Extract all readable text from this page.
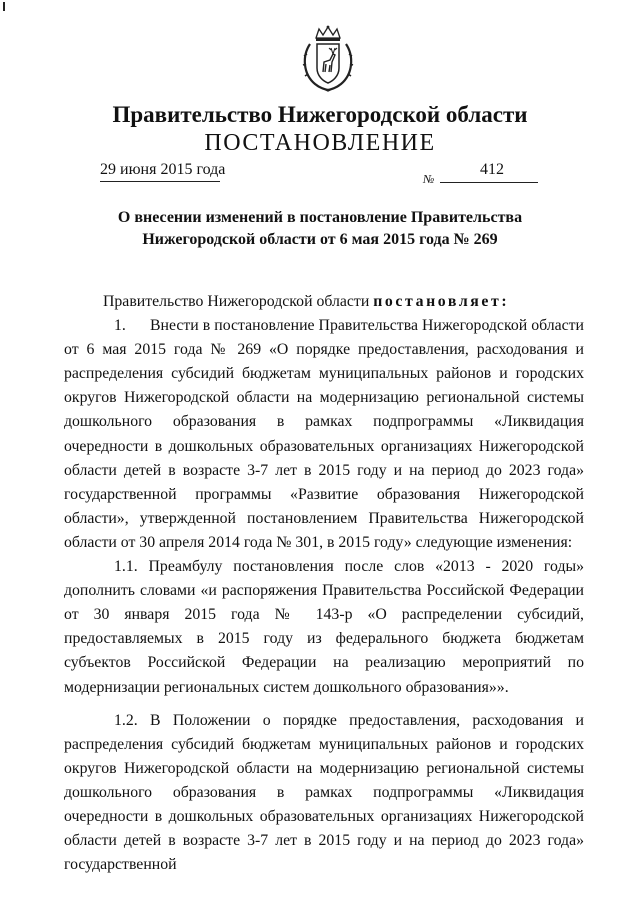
Правительство Нижегородской области
ПОСТАНОВЛЕНИЕ
29 июня 2015 года
№
412
О внесении изменений в постановление Правительства
Нижегородской области от 6 мая 2015 года № 269

Правительство Нижегородской области постановляет:

1.      Внести в постановление Правительства Нижегородской области от 6 мая 2015 года № 269 «О порядке предоставления, расходования и распределения субсидий бюджетам муниципальных районов и городских округов Нижегородской области на модернизацию региональной системы дошкольного образования в рамках подпрограммы «Ликвидация очередности в дошкольных образовательных организациях Нижегородской области детей в возрасте 3-7 лет в 2015 году и на период до 2023 года» государственной программы «Развитие образования Нижегородской области», утвержденной постановлением Правительства Нижегородской области от 30 апреля 2014 года № 301, в 2015 году» следующие изменения:

1.1. Преамбулу постановления после слов «2013 - 2020 годы» дополнить словами «и распоряжения Правительства Российской Федерации от 30 января 2015 года № 143-р «О распределении субсидий, предоставляемых в 2015 году из федерального бюджета бюджетам субъектов Российской Федерации на реализацию мероприятий по модернизации региональных систем дошкольного образования»».

1.2. В Положении о порядке предоставления, расходования и распределения субсидий бюджетам муниципальных районов и городских округов Нижегородской области на модернизацию региональной системы дошкольного образования в рамках подпрограммы «Ликвидация очередности в дошкольных образовательных организациях Нижегородской области детей в возрасте 3-7 лет в 2015 году и на период до 2023 года» государственной
